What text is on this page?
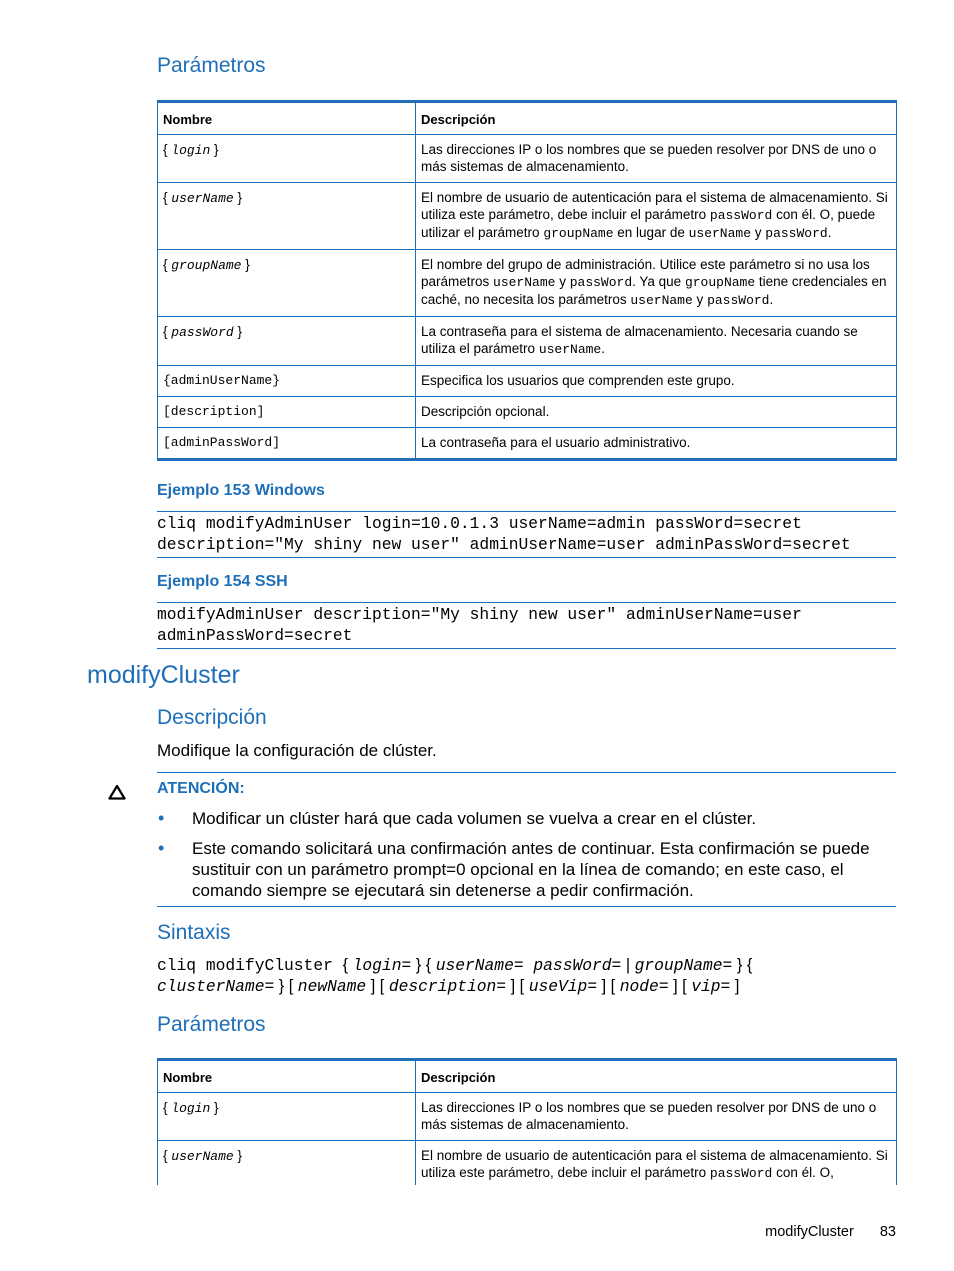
Parámetros
Nombre	Descripción
{ login }	Las direcciones IP o los nombres que se pueden resolver por DNS de uno o más sistemas de almacenamiento.
{ userName }	El nombre de usuario de autenticación para el sistema de almacenamiento. Si utiliza este parámetro, debe incluir el parámetro passWord con él. O, puede utilizar el parámetro groupName en lugar de userName y passWord.
{ groupName }	El nombre del grupo de administración. Utilice este parámetro si no usa los parámetros userName y passWord. Ya que groupName tiene credenciales en caché, no necesita los parámetros userName y passWord.
{ passWord }	La contraseña para el sistema de almacenamiento. Necesaria cuando se utiliza el parámetro userName.
{adminUserName}	Especifica los usuarios que comprenden este grupo.
[description]	Descripción opcional.
[adminPassWord]	La contraseña para el usuario administrativo.
Ejemplo 153 Windows
cliq modifyAdminUser login=10.0.1.3 userName=admin passWord=secret
description="My shiny new user" adminUserName=user adminPassWord=secret
Ejemplo 154 SSH
modifyAdminUser description="My shiny new user" adminUserName=user
adminPassWord=secret
modifyCluster
Descripción
Modifique la configuración de clúster.
ATENCIÓN:
• Modificar un clúster hará que cada volumen se vuelva a crear en el clúster.
• Este comando solicitará una confirmación antes de continuar. Esta confirmación se puede
sustituir con un parámetro prompt=0 opcional en la línea de comando; en este caso, el
comando siempre se ejecutará sin detenerse a pedir confirmación.
Sintaxis
cliq modifyCluster { login= } { userName= passWord= | groupName= } {
clusterName= } [ newName ] [ description= ] [ useVip= ] [ node= ] [ vip= ]
Parámetros
Nombre	Descripción
{ login }	Las direcciones IP o los nombres que se pueden resolver por DNS de uno o más sistemas de almacenamiento.
{ userName }	El nombre de usuario de autenticación para el sistema de almacenamiento. Si utiliza este parámetro, debe incluir el parámetro passWord con él. O,
modifyCluster 83
